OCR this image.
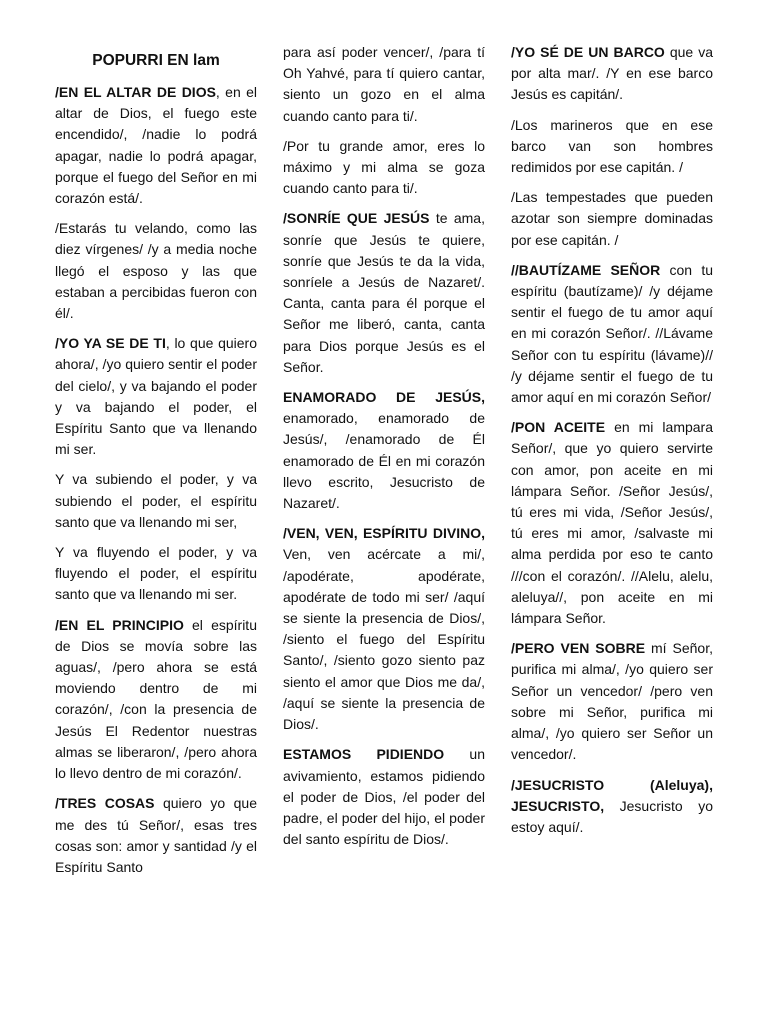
POPURRI EN lam
/EN EL ALTAR DE DIOS, en el altar de Dios, el fuego este encendido/, /nadie lo podrá apagar, nadie lo podrá apagar, porque el fuego del Señor en mi corazón está/.
/Estarás tu velando, como las diez vírgenes/ /y a media noche llegó el esposo y las que estaban a percibidas fueron con él/.
/YO YA SE DE TI, lo que quiero ahora/, /yo quiero sentir el poder del cielo/, y va bajando el poder y va bajando el poder, el Espíritu Santo que va llenando mi ser.
Y va subiendo el poder, y va subiendo el poder, el espíritu santo que va llenando mi ser,
Y va fluyendo el poder, y va fluyendo el poder, el espíritu santo que va llenando mi ser.
/EN EL PRINCIPIO el espíritu de Dios se movía sobre las aguas/, /pero ahora se está moviendo dentro de mi corazón/, /con la presencia de Jesús El Redentor nuestras almas se liberaron/, /pero ahora lo llevo dentro de mi corazón/.
/TRES COSAS quiero yo que me des tú Señor/, esas tres cosas son: amor y santidad /y el Espíritu Santo
para así poder vencer/, /para tí Oh Yahvé, para tí quiero cantar, siento un gozo en el alma cuando canto para ti/.
/Por tu grande amor, eres lo máximo y mi alma se goza cuando canto para ti/.
/SONRÍE QUE JESÚS te ama, sonríe que Jesús te quiere, sonríe que Jesús te da la vida, sonríele a Jesús de Nazaret/. Canta, canta para él porque el Señor me liberó, canta, canta para Dios porque Jesús es el Señor.
ENAMORADO DE JESÚS, enamorado, enamorado de Jesús/, /enamorado de Él enamorado de Él en mi corazón llevo escrito, Jesucristo de Nazaret/.
/VEN, VEN, ESPÍRITU DIVINO, Ven, ven acércate a mi/, /apodérate, apodérate, apodérate de todo mi ser/ /aquí se siente la presencia de Dios/, /siento el fuego del Espíritu Santo/, /siento gozo siento paz siento el amor que Dios me da/, /aquí se siente la presencia de Dios/.
ESTAMOS PIDIENDO un avivamiento, estamos pidiendo el poder de Dios, /el poder del padre, el poder del hijo, el poder del santo espíritu de Dios/.
/YO SÉ DE UN BARCO que va por alta mar/. /Y en ese barco Jesús es capitán/.
/Los marineros que en ese barco van son hombres redimidos por ese capitán. /
/Las tempestades que pueden azotar son siempre dominadas por ese capitán. /
//BAUTÍZAME SEÑOR con tu espíritu (bautízame)/ /y déjame sentir el fuego de tu amor aquí en mi corazón Señor/. //Lávame Señor con tu espíritu (lávame)// /y déjame sentir el fuego de tu amor aquí en mi corazón Señor/
/PON ACEITE en mi lampara Señor/, que yo quiero servirte con amor, pon aceite en mi lámpara Señor. /Señor Jesús/, tú eres mi vida, /Señor Jesús/, tú eres mi amor, /salvaste mi alma perdida por eso te canto ///con el corazón/. //Alelu, alelu, aleluya//, pon aceite en mi lámpara Señor.
/PERO VEN SOBRE mí Señor, purifica mi alma/, /yo quiero ser Señor un vencedor/ /pero ven sobre mi Señor, purifica mi alma/, /yo quiero ser Señor un vencedor/.
/JESUCRISTO (Aleluya), JESUCRISTO, Jesucristo yo estoy aquí/.
